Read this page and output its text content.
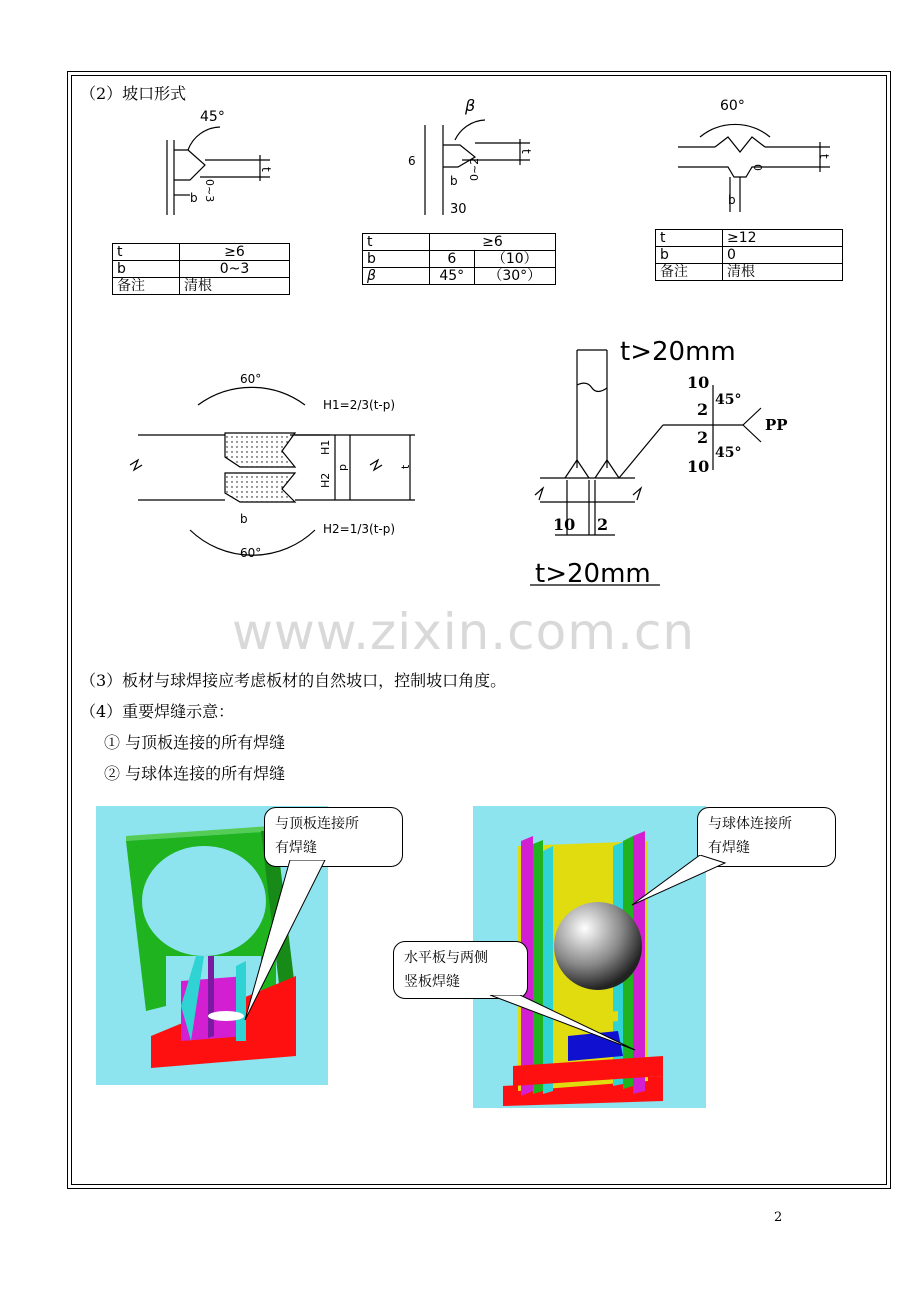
（2）坡口形式
45°
b 0~3
t
β
6
b 0~2
30
t
60°
b
0
t
t	≥6
b	0~3
备注	清根
t	≥6	
b	6	（10）
β	45°	（30°）
t	≥12
b	0
备注	清根
60°
60°
H1=2/3(t-p)
H2=1/3(t-p)
H1
H2
p	t
b
t>20mm
10
2
2
10
45°
45°
PP
10 2
t>20mm
www.zixin.com.cn
（3）板材与球焊接应考虑板材的自然坡口，控制坡口角度。
（4）重要焊缝示意：
① 与顶板连接的所有焊缝
② 与球体连接的所有焊缝
与顶板连接所
有焊缝
与球体连接所
有焊缝
水平板与两侧
竖板焊缝
2
